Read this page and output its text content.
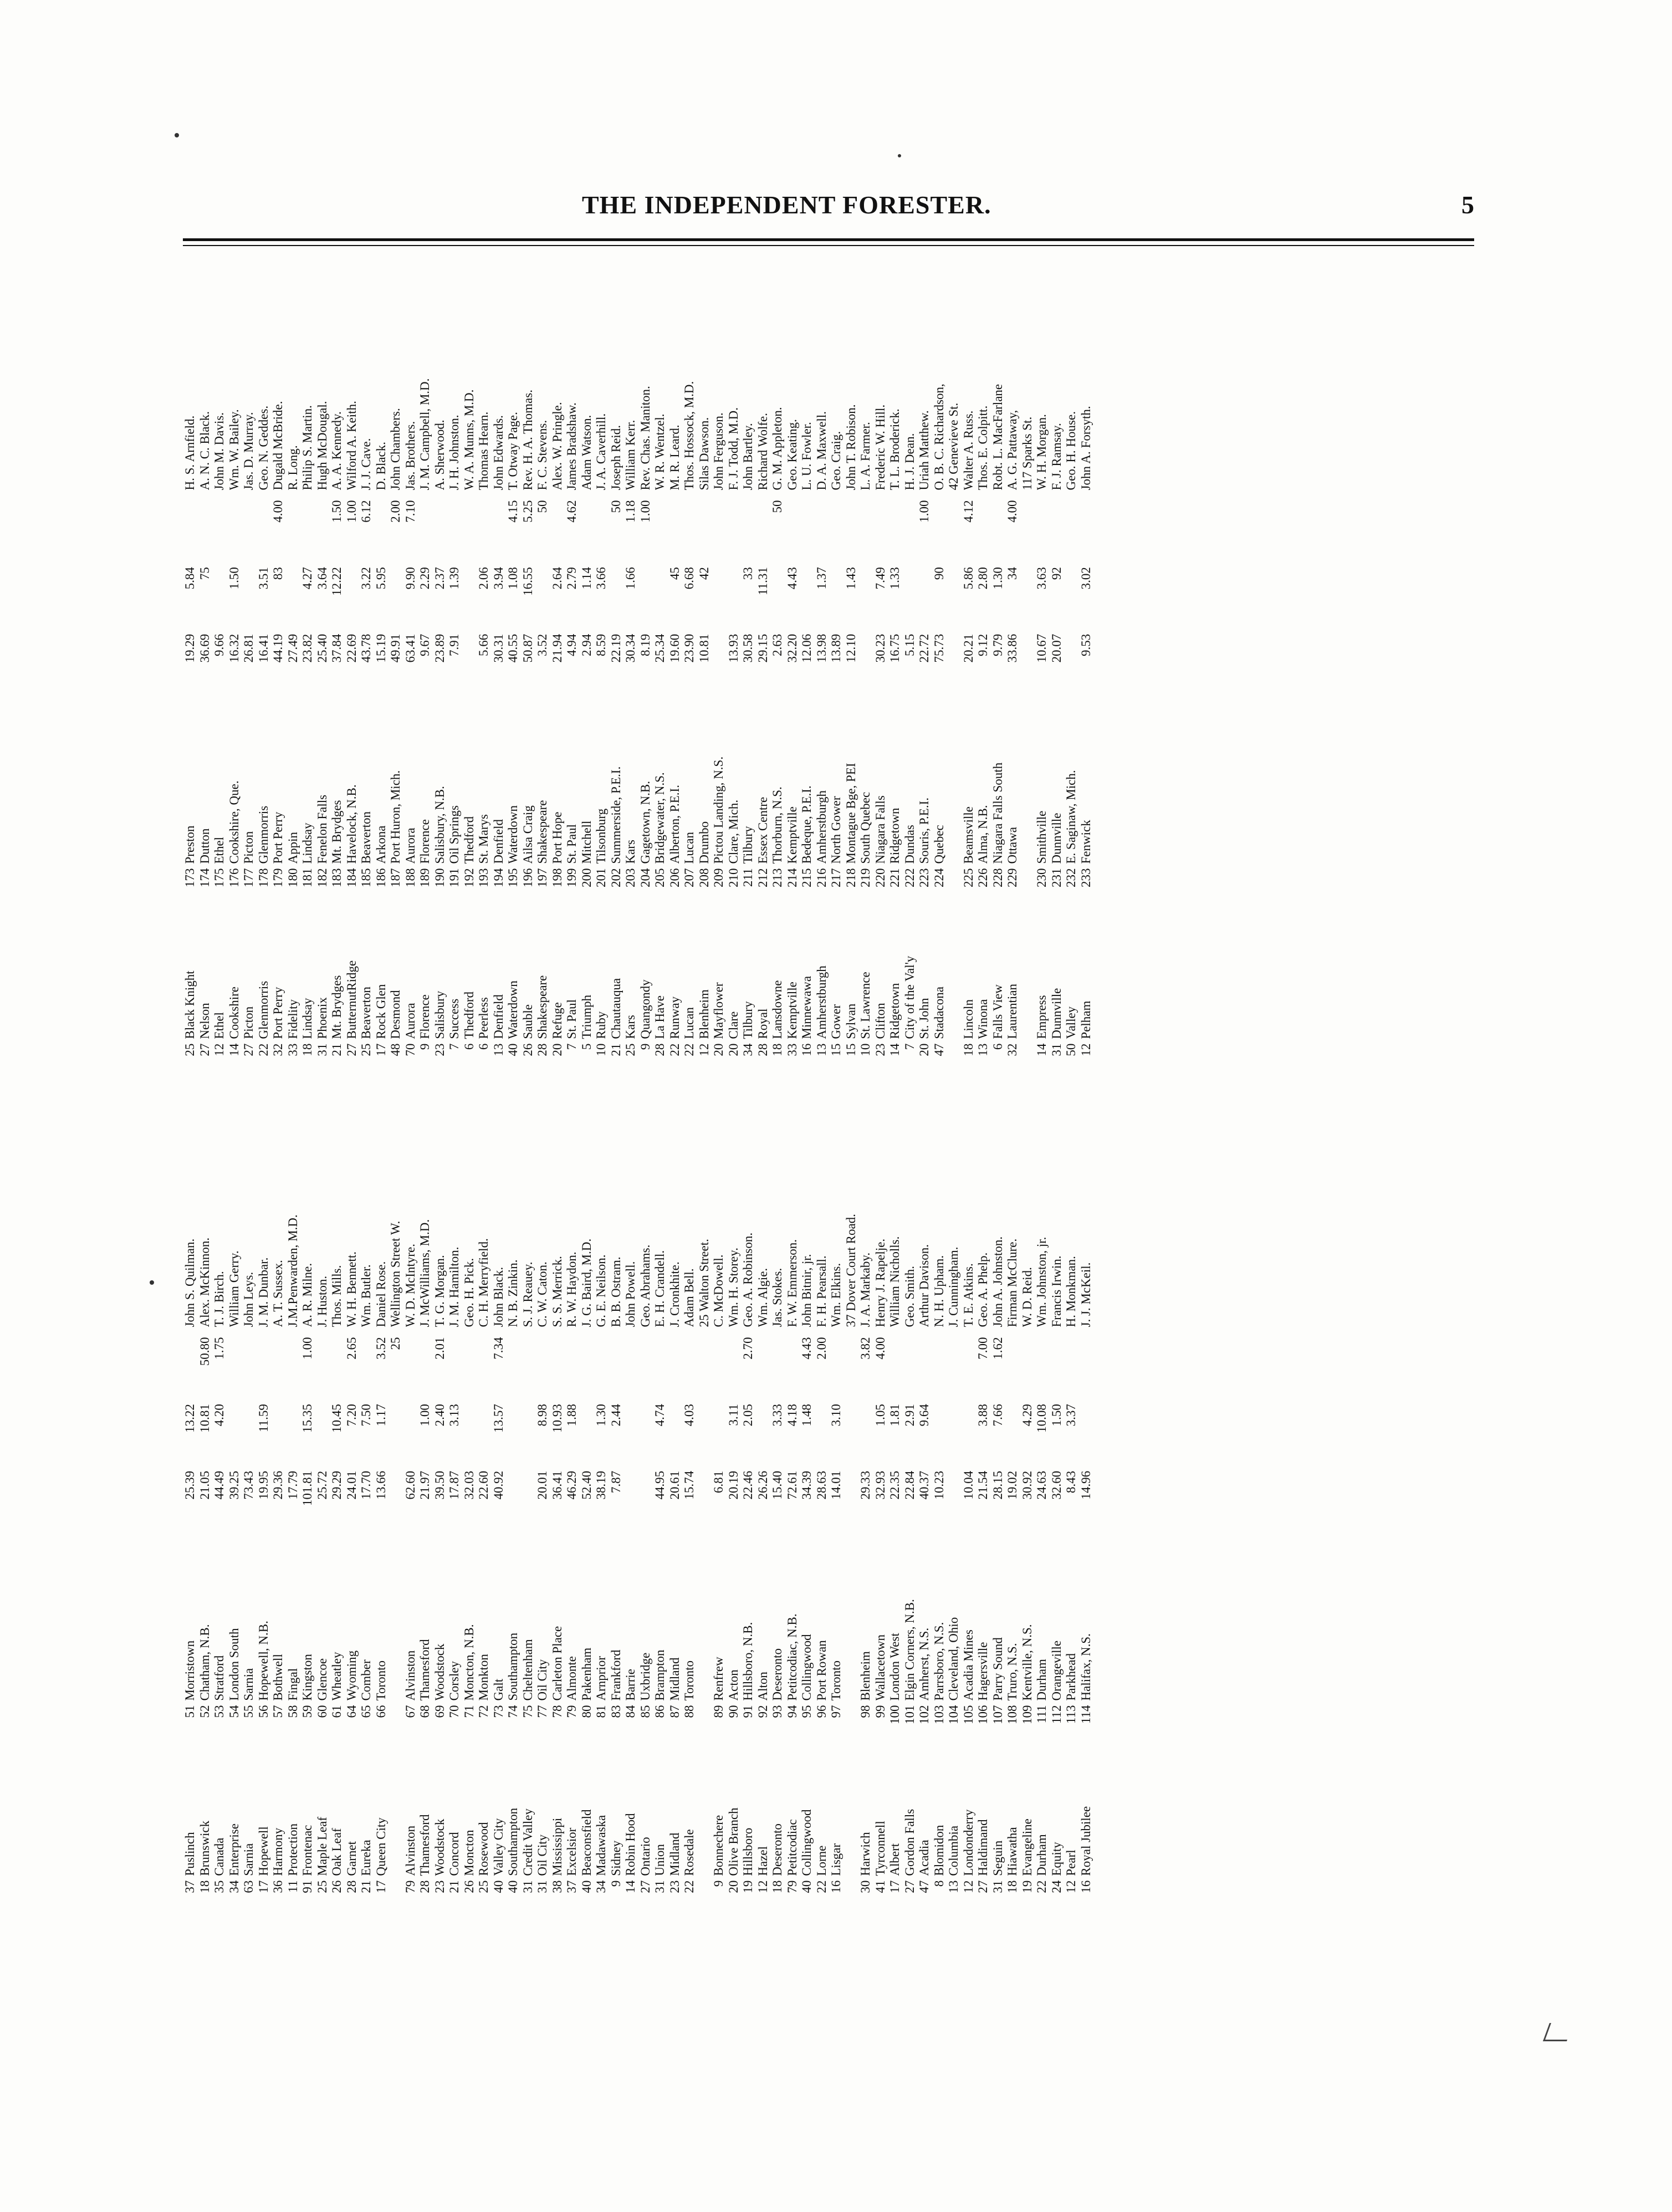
THE INDEPENDENT FORESTER.	5
37
Puslinch
51
Morristown
25.39
13.22
John S. Quilman.
18
Brunswick
52
Chatham, N.B.
21.05
10.81
50.80
Alex. McKinnon.
35
Canada
53
Stratford
44.49
4.20
1.75
T. J. Birch.
34
Enterprise
54
London South
39.25
William Gerry.
63
Sarnia
55
Sarnia
73.43
John Leys.
17
Hopewell
56
Hopewell, N.B.
19.95
11.59
J. M. Dunbar.
36
Harmony
57
Bothwell
29.36
A. T. Sussex.
11
Protection
58
Fingal
17.79
J.M.Penwarden, M.D.
91
Frontenac
59
Kingston
101.81
15.35
1.00
A. R. Milne.
25
Maple Leaf
60
Glencoe
25.72
J. Huston.
26
Oak Leaf
61
Wheatley
29.29
10.45
Thos. Mills.
28
Garnet
64
Wyoming
24.01
7.20
2.65
W. H. Bennett.
21
Eureka
65
Comber
17.70
7.50
Wm. Butler.
17
Queen City
66
Toronto
13.66
1.17
3.52
Daniel Rose.
25
Wellington Street W.
79
Alvinston
67
Alvinston
62.60
W. D. McIntyre.
28
Thamesford
68
Thamesford
21.97
1.00
J. McWilliams, M.D.
23
Woodstock
69
Woodstock
39.50
2.40
2.01
T. G. Morgan.
21
Concord
70
Corsley
17.87
3.13
J. M. Hamilton.
26
Moncton
71
Moncton, N.B.
32.03
Geo. H. Pick.
25
Rosewood
72
Monkton
22.60
C. H. Merryfield.
40
Valley City
73
Galt
40.92
13.57
7.34
John Black.
40
Southampton
74
Southampton
N. B. Zinkin.
31
Credit Valley
75
Cheltenham
S. J. Reauey.
31
Oil City
77
Oil City
20.01
8.98
C. W. Caton.
38
Mississippi
78
Carleton Place
36.41
10.93
S. S. Merrick.
37
Excelsior
79
Almonte
46.29
1.88
R. W. Haydon.
40
Beaconsfield
80
Pakenham
52.40
J. G. Baird, M.D.
34
Madawaska
81
Arnprior
38.19
1.30
G. E. Neilson.
9
Sidney
83
Frankford
7.87
2.44
B. B. Ostram.
14
Robin Hood
84
Barrie
John Powell.
27
Ontario
85
Uxbridge
Geo. Abrahams.
31
Union
86
Brampton
44.95
4.74
E. H. Crandell.
23
Midland
87
Midland
20.61
J. Cronkhite.
22
Rosedale
88
Toronto
15.74
4.03
Adam Bell. 25 Walton Street.
9
Bonnechere
89
Renfrew
6.81
C. McDowell.
20
Olive Branch
90
Acton
20.19
3.11
Wm. H. Storey.
19
Hillsboro
91
Hillsboro, N.B.
22.46
2.05
2.70
Geo. A. Robinson.
12
Hazel
92
Alton
26.26
Wm. Algie.
18
Deseronto
93
Deseronto
15.40
3.33
Jas. Stokes.
79
Petitcodiac
94
Petitcodiac, N.B.
72.61
4.18
F. W. Emmerson.
40
Collingwood
95
Collingwood
34.39
1.48
4.43
John Bitnir, jr.
22
Lorne
96
Port Rowan
28.63
2.00
F. H. Pearsall.
16
Lisgar
97
Toronto
14.01
3.10
Wm. Elkins. 37 Dover Court Road.
30
Harwich
98
Blenheim
29.33
3.82
J. A. Markaby.
41
Tyrconnell
99
Wallacetown
32.93
1.05
4.00
Henry J. Rapelje.
17
Albert
100
London West
22.35
1.81
William Nicholls.
27
Gordon Falls
101
Elgin Corners, N.B.
22.84
2.91
Geo. Smith.
47
Acadia
102
Amherst, N.S.
40.37
9.64
Arthur Davison.
8
Blomidon
103
Parrsboro, N.S.
10.23
N. H. Upham.
13
Columbia
104
Cleveland, Ohio
J. Cunningham.
12
Londonderry
105
Acadia Mines
10.04
T. E. Atkins.
27
Haldimand
106
Hagersville
21.54
3.88
7.00
Geo. A. Phelp.
31
Seguin
107
Parry Sound
28.15
7.66
1.62
John A. Johnston.
18
Hiawatha
108
Truro, N.S.
19.02
Firman McClure.
19
Evangeline
109
Kentville, N.S.
30.92
4.29
W. D. Reid.
22
Durham
111
Durham
24.63
10.08
Wm. Johnston, jr.
24
Equity
112
Orangeville
32.60
1.50
Francis Irwin.
12
Pearl
113
Parkhead
8.43
3.37
H. Monkman.
16
Royal Jubilee
114
Halifax, N.S.
14.96
J. J. McKeil.
25
Black Knight
173
Preston
19.29
5.84
H. S. Arnfield.
27
Nelson
174
Dutton
36.69
75
A. N. C. Black.
12
Ethel
175
Ethel
9.66
John M. Davis.
14
Cookshire
176
Cookshire, Que.
16.32
1.50
Wm. W. Bailey.
27
Picton
177
Picton
26.81
Jas. D. Murray.
22
Glenmorris
178
Glenmorris
16.41
3.51
Geo. N. Geddes.
32
Port Perry
179
Port Perry
44.19
83
4.00
Dugald McBride.
33
Fidelity
180
Appin
27.49
R. Long.
18
Lindsay
181
Lindsay
23.82
4.27
Philip S. Martin.
31
Phoenix
182
Fenelon Falls
25.40
3.64
Hugh McDougal.
21
Mt. Brydges
183
Mt. Brydges
37.84
12.22
1.50
A. A. Kennedy.
27
ButternutRidge
184
Havelock, N.B.
22.69
1.00
Wilford A. Keith.
25
Beaverton
185
Beaverton
43.78
3.22
6.12
J. J. Cave.
17
Rock Glen
186
Arkona
15.19
5.95
D. Black.
48
Desmond
187
Port Huron, Mich.
49.91
2.00
John Chambers.
70
Aurora
188
Aurora
63.41
9.90
7.10
Jas. Brothers.
9
Florence
189
Florence
9.67
2.29
J. M. Campbell, M.D.
23
Salisbury
190
Salisbury, N.B.
23.89
2.37
A. Sherwood.
7
Success
191
Oil Springs
7.91
1.39
J. H. Johnston.
6
Thedford
192
Thedford
W. A. Munns, M.D.
6
Peerless
193
St. Marys
5.66
2.06
Thomas Hearn.
13
Denfield
194
Denfield
30.31
3.94
John Edwards.
40
Waterdown
195
Waterdown
40.55
1.08
4.15
T. Otway Page.
26
Sauble
196
Ailsa Craig
50.87
16.55
5.25
Rev. H. A. Thomas.
28
Shakespeare
197
Shakespeare
3.52
50
F. C. Stevens.
20
Refuge
198
Port Hope
21.94
2.64
Alex. W. Pringle.
7
St. Paul
199
St. Paul
4.94
2.79
4.62
James Bradshaw.
5
Triumph
200
Mitchell
2.94
1.14
Adam Watson.
10
Ruby
201
Tilsonburg
8.59
3.66
J. A. Caverhill.
21
Chautauqua
202
Summerside, P.E.I.
22.19
50
Joseph Reid.
25
Kars
203
Kars
30.34
1.66
1.18
William Kerr.
9
Quangondy
204
Gagetown, N.B.
8.19
1.00
Rev. Chas. Maniton.
28
La Have
205
Bridgewater, N.S.
25.34
W. R. Wentzel.
22
Runway
206
Alberton, P.E.I.
19.60
45
M. R. Leard.
22
Lucan
207
Lucan
23.90
6.68
Thos. Hossock, M.D.
12
Blenheim
208
Drumbo
10.81
42
Silas Dawson.
20
Mayflower
209
Pictou Landing, N.S.
John Ferguson.
20
Clare
210
Clare, Mich.
13.93
F. J. Todd, M.D.
34
Tilbury
211
Tilbury
30.58
33
John Bartley.
28
Royal
212
Essex Centre
29.15
11.31
Richard Wolfe.
18
Lansdowne
213
Thorburn, N.S.
2.63
50
G. M. Appleton.
33
Kemptville
214
Kemptville
32.20
4.43
Geo. Keating.
16
Minnewawa
215
Bedeque, P.E.I.
12.06
L. U. Fowler.
13
Amherstburgh
216
Amherstburgh
13.98
1.37
D. A. Maxwell.
15
Gower
217
North Gower
13.89
Geo. Craig.
15
Sylvan
218
Montague Bge, PEI
12.10
1.43
John T. Robison.
10
St. Lawrence
219
South Quebec
L. A. Farmer.
23
Clifton
220
Niagara Falls
30.23
7.49
Frederic W. Hill.
14
Ridgetown
221
Ridgetown
16.75
1.33
T. L. Broderick.
7
City of the Val'y
222
Dundas
5.15
H. J. Dean.
20
St. John
223
Souris, P.E.I.
22.72
1.00
Uriah Matthew.
47
Stadacona
224
Quebec
75.73
90
O. B. C. Richardson, 42 Genevieve St.
18
Lincoln
225
Beamsville
20.21
5.86
4.12
Walter A. Russ.
13
Winona
226
Alma, N.B.
9.12
2.80
Thos. E. Colpitt.
6
Falls View
228
Niagara Falls South
9.79
1.30
Robt. L. MacFarlane
32
Laurentian
229
Ottawa
33.86
34
4.00
A. G. Pattaway, 117 Sparks St.
14
Empress
230
Smithville
10.67
3.63
W. H. Morgan.
31
Dunnville
231
Dunnville
20.07
92
F. J. Ramsay.
50
Valley
232
E. Saginaw, Mich.
Geo. H. House.
12
Pelham
233
Fenwick
9.53
3.02
John A. Forsyth.
